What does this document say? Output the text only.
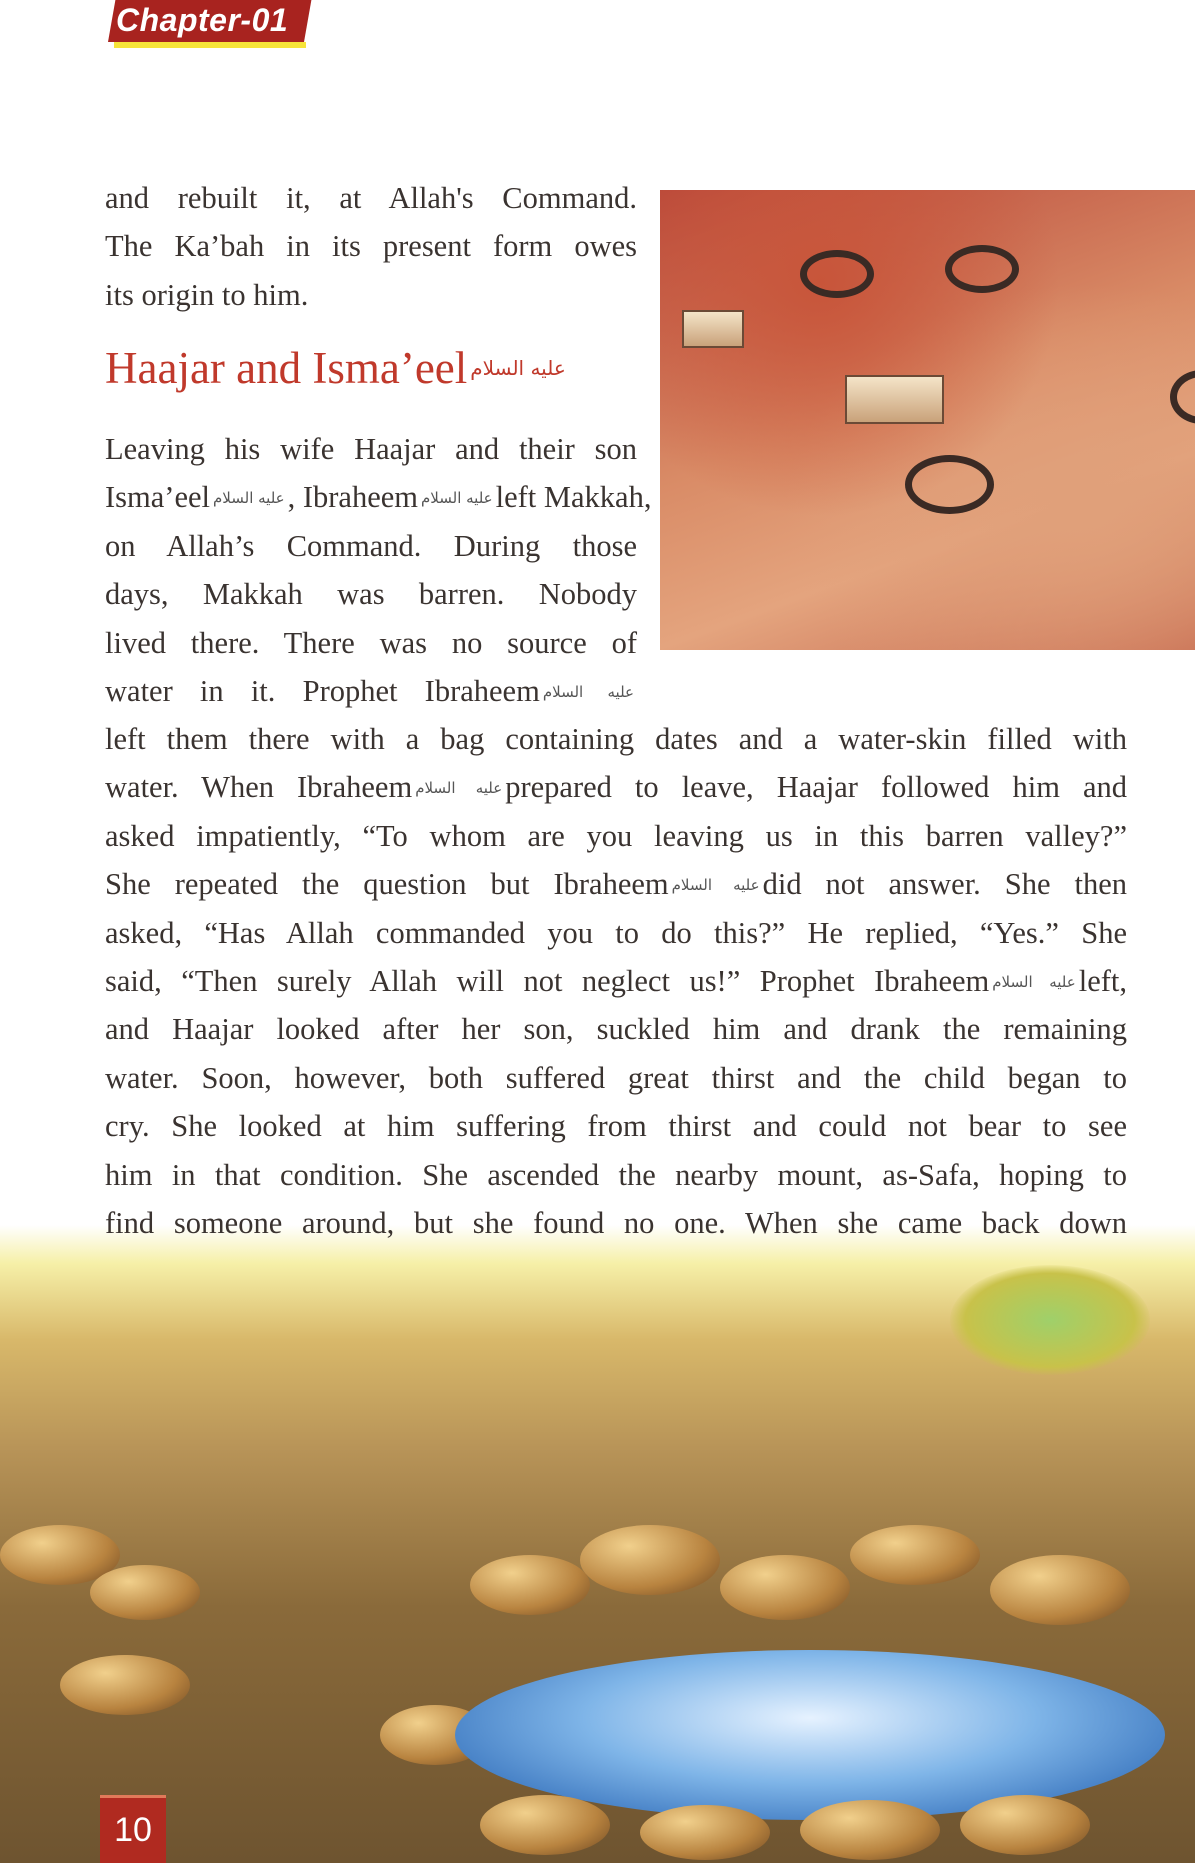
Chapter-01
Haajar and Isma’eel عليه السلام
and rebuilt it, at Allah's Command.
The Ka’bah in its present form owes
its origin to him.
Leaving his wife Haajar and their son
Isma’eel عليه السلام, Ibraheem عليه السلامleft Makkah,
on Allah’s Command. During those
days, Makkah was barren. Nobody
lived there. There was no source of
water in it. Prophet Ibraheem عليه السلام
left them there with a bag containing dates and a water-skin filled with
water. When Ibraheem عليه السلامprepared to leave, Haajar followed him and
asked impatiently, “To whom are you leaving us in this barren valley?”
She repeated the question but Ibraheem عليه السلامdid not answer. She then
asked, “Has Allah commanded you to do this?” He replied, “Yes.” She
said, “Then surely Allah will not neglect us!” Prophet Ibraheem عليه السلامleft,
and Haajar looked after her son, suckled him and drank the remaining
water. Soon, however, both suffered great thirst and the child began to
cry. She looked at him suffering from thirst and could not bear to see
him in that condition. She ascended the nearby mount, as-Safa, hoping to
find someone around, but she found no one. When she came back down
10
